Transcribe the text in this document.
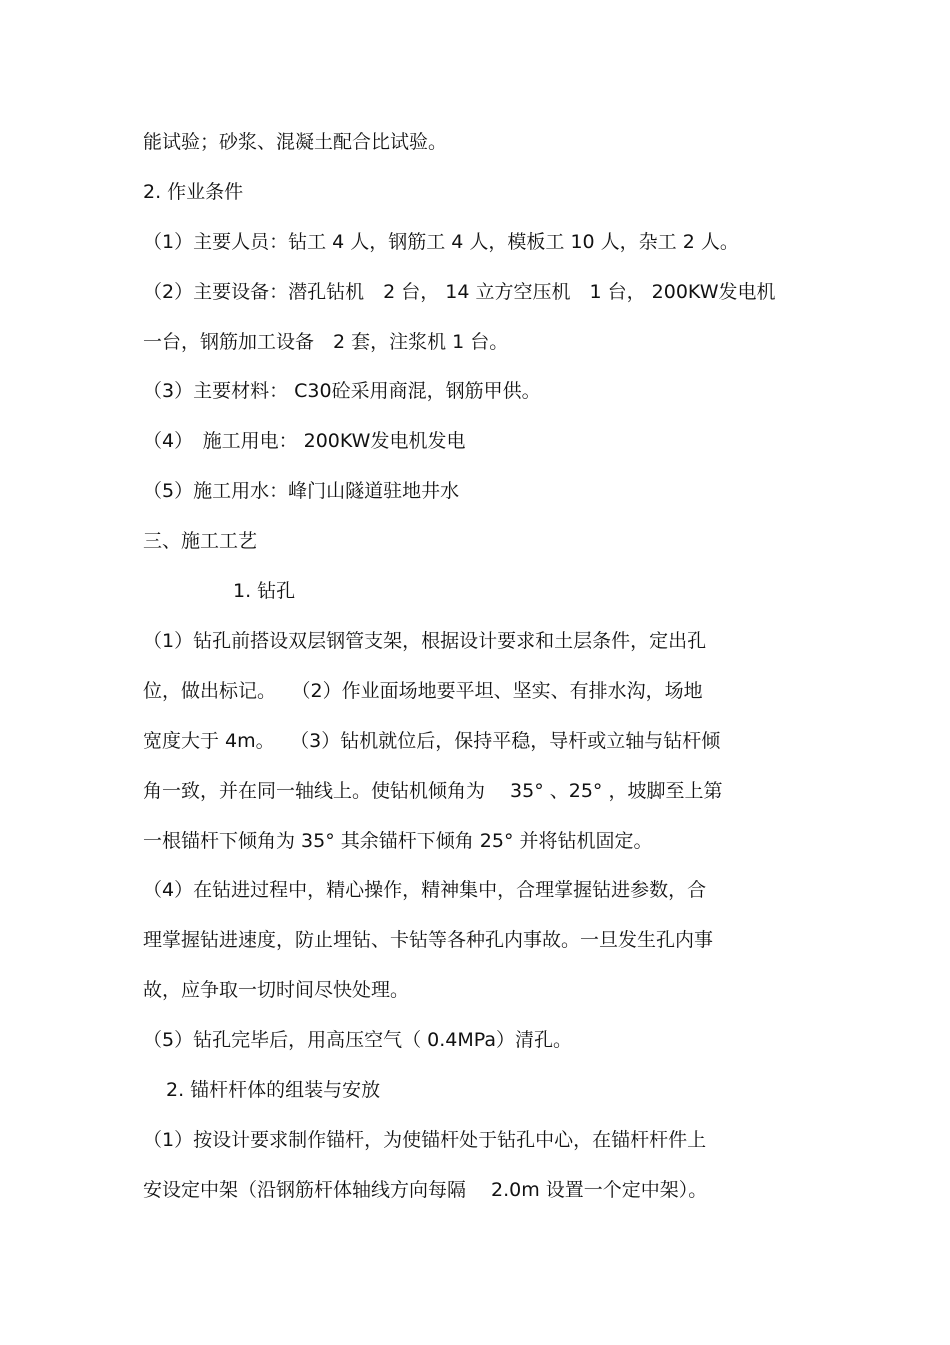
能试验；砂浆、混凝土配合比试验。
2. 作业条件
（1）主要人员：钻工 4 人，钢筋工 4 人，模板工 10 人，杂工 2 人。
（2）主要设备：潜孔钻机　2 台， 14 立方空压机　1 台， 200KW发电机
一台，钢筋加工设备　2 套，注浆机 1 台。
（3）主要材料： C30砼采用商混，钢筋甲供。
（4）　施工用电： 200KW发电机发电
（5）施工用水：峰门山隧道驻地井水
三、施工工艺
1. 钻孔
（1）钻孔前搭设双层钢管支架，根据设计要求和土层条件，定出孔
位，做出标记。　 （2）作业面场地要平坦、坚实、有排水沟，场地
宽度大于 4m。　 （3）钻机就位后，保持平稳，导杆或立轴与钻杆倾
角一致，并在同一轴线上。使钻机倾角为　 35° 、25° ，坡脚至上第
一根锚杆下倾角为 35° 其余锚杆下倾角 25° 并将钻机固定。
（4）在钻进过程中，精心操作，精神集中，合理掌握钻进参数，合
理掌握钻进速度，防止埋钻、卡钻等各种孔内事故。一旦发生孔内事
故，应争取一切时间尽快处理。
（5）钻孔完毕后，用高压空气（ 0.4MPa）清孔。
2. 锚杆杆体的组装与安放
（1）按设计要求制作锚杆，为使锚杆处于钻孔中心，在锚杆杆件上
安设定中架（沿钢筋杆体轴线方向每隔　 2.0m 设置一个定中架）。
